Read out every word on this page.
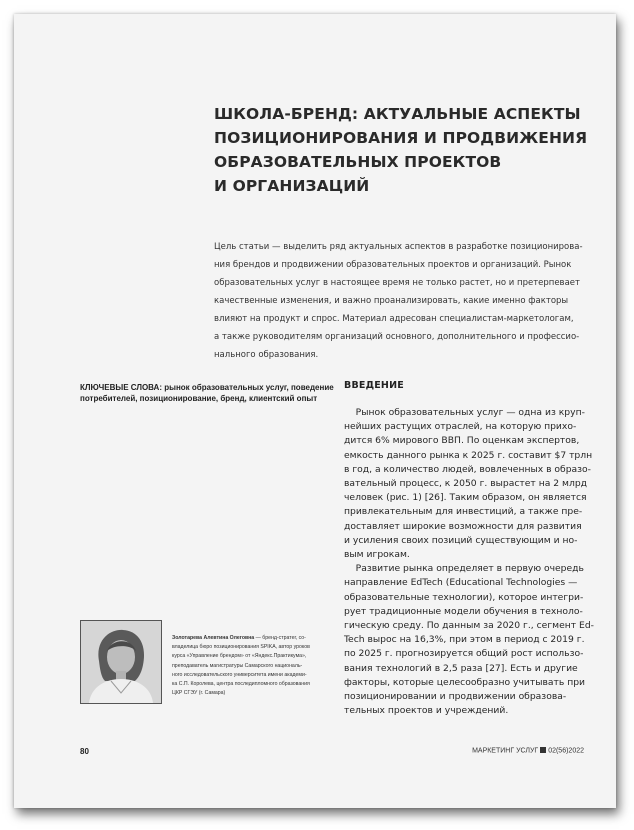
ШКОЛА-БРЕНД: АКТУАЛЬНЫЕ АСПЕКТЫ
ПОЗИЦИОНИРОВАНИЯ И ПРОДВИЖЕНИЯ
ОБРАЗОВАТЕЛЬНЫХ ПРОЕКТОВ
И ОРГАНИЗАЦИЙ
Цель статьи — выделить ряд актуальных аспектов в разработке позиционирова-
ния брендов и продвижении образовательных проектов и организаций. Рынок
образовательных услуг в настоящее время не только растет, но и претерпевает
качественные изменения, и важно проанализировать, какие именно факторы
влияют на продукт и спрос. Материал адресован специалистам-маркетологам,
а также руководителям организаций основного, дополнительного и профессио-
нального образования.
КЛЮЧЕВЫЕ СЛОВА: рынок образовательных услуг, поведение
потребителей, позиционирование, бренд, клиентский опыт
ВВЕДЕНИЕ
Рынок образовательных услуг — одна из круп-
нейших растущих отраслей, на которую прихо-
дится 6% мирового ВВП. По оценкам экспертов,
емкость данного рынка к 2025 г. составит $7 трлн
в год, а количество людей, вовлеченных в образо-
вательный процесс, к 2050 г. вырастет на 2 млрд
человек (рис. 1) [26]. Таким образом, он является
привлекательным для инвестиций, а также пре-
доставляет широкие возможности для развития
и усиления своих позиций существующим и но-
вым игрокам.
Развитие рынка определяет в первую очередь
направление EdTech (Educational Technologies —
образовательные технологии), которое интегри-
рует традиционные модели обучения в техноло-
гическую среду. По данным за 2020 г., сегмент Ed-
Tech вырос на 16,3%, при этом в период с 2019 г.
по 2025 г. прогнозируется общий рост использо-
вания технологий в 2,5 раза [27]. Есть и другие
факторы, которые целесообразно учитывать при
позиционировании и продвижении образова-
тельных проектов и учреждений.
Золотарева Алевтина Олеговна — бренд-стратег, со-
владелица бюро позиционирования SPIKA, автор уроков
курса «Управление брендом» от «Яндекс.Практикума»,
преподаватель магистратуры Самарского националь-
ного исследовательского университета имени академи-
ка С.П. Королева, центра последипломного образования
ЦКР СГЭУ (г. Самара)
80	МАРКЕТИНГ УСЛУГ 02(56)2022
